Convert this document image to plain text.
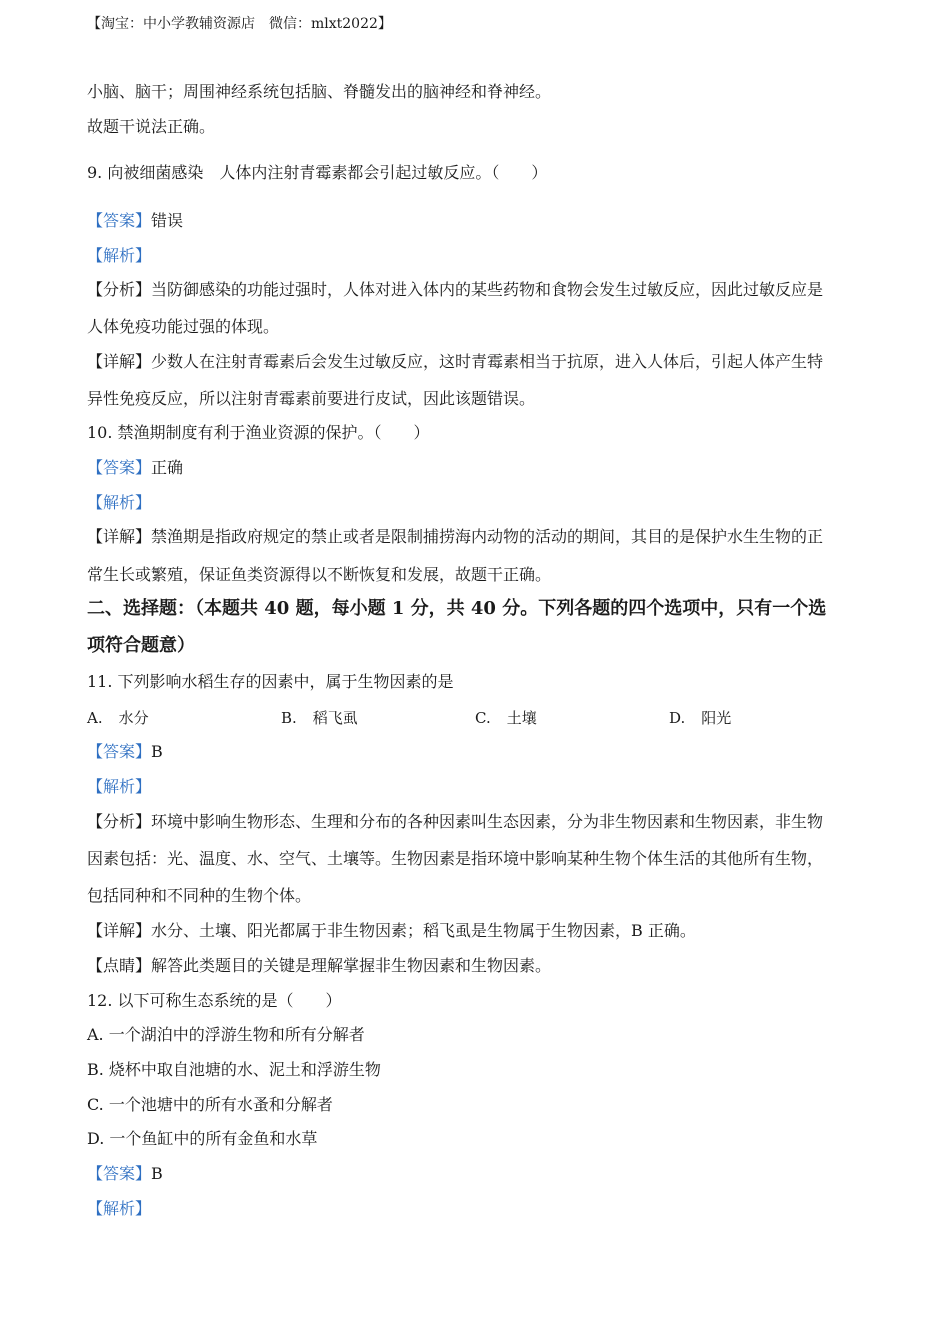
【淘宝：中小学教辅资源店　微信：mlxt2022】
小脑、脑干；周围神经系统包括脑、脊髓发出的脑神经和脊神经。
故题干说法正确。
9. 向被细菌感染　人体内注射青霉素都会引起过敏反应。（　　）
【答案】错误
【解析】
【分析】当防御感染的功能过强时，人体对进入体内的某些药物和食物会发生过敏反应，因此过敏反应是
人体免疫功能过强的体现。
【详解】少数人在注射青霉素后会发生过敏反应，这时青霉素相当于抗原，进入人体后，引起人体产生特
异性免疫反应，所以注射青霉素前要进行皮试，因此该题错误。
10. 禁渔期制度有利于渔业资源的保护。（　　）
【答案】正确
【解析】
【详解】禁渔期是指政府规定的禁止或者是限制捕捞海内动物的活动的期间，其目的是保护水生生物的正
常生长或繁殖，保证鱼类资源得以不断恢复和发展，故题干正确。
二、选择题：（本题共 40 题，每小题 1 分，共 40 分。下列各题的四个选项中，只有一个选
项符合题意）
11. 下列影响水稻生存的因素中，属于生物因素的是
A. 水分	B. 稻飞虱	C. 土壤	D. 阳光
【答案】B
【解析】
【分析】环境中影响生物形态、生理和分布的各种因素叫生态因素，分为非生物因素和生物因素，非生物
因素包括：光、温度、水、空气、土壤等。生物因素是指环境中影响某种生物个体生活的其他所有生物，
包括同种和不同种的生物个体。
【详解】水分、土壤、阳光都属于非生物因素；稻飞虱是生物属于生物因素，B 正确。
【点睛】解答此类题目的关键是理解掌握非生物因素和生物因素。
12. 以下可称生态系统的是（　　）
A. 一个湖泊中的浮游生物和所有分解者
B. 烧杯中取自池塘的水、泥土和浮游生物
C. 一个池塘中的所有水蚤和分解者
D. 一个鱼缸中的所有金鱼和水草
【答案】B
【解析】
